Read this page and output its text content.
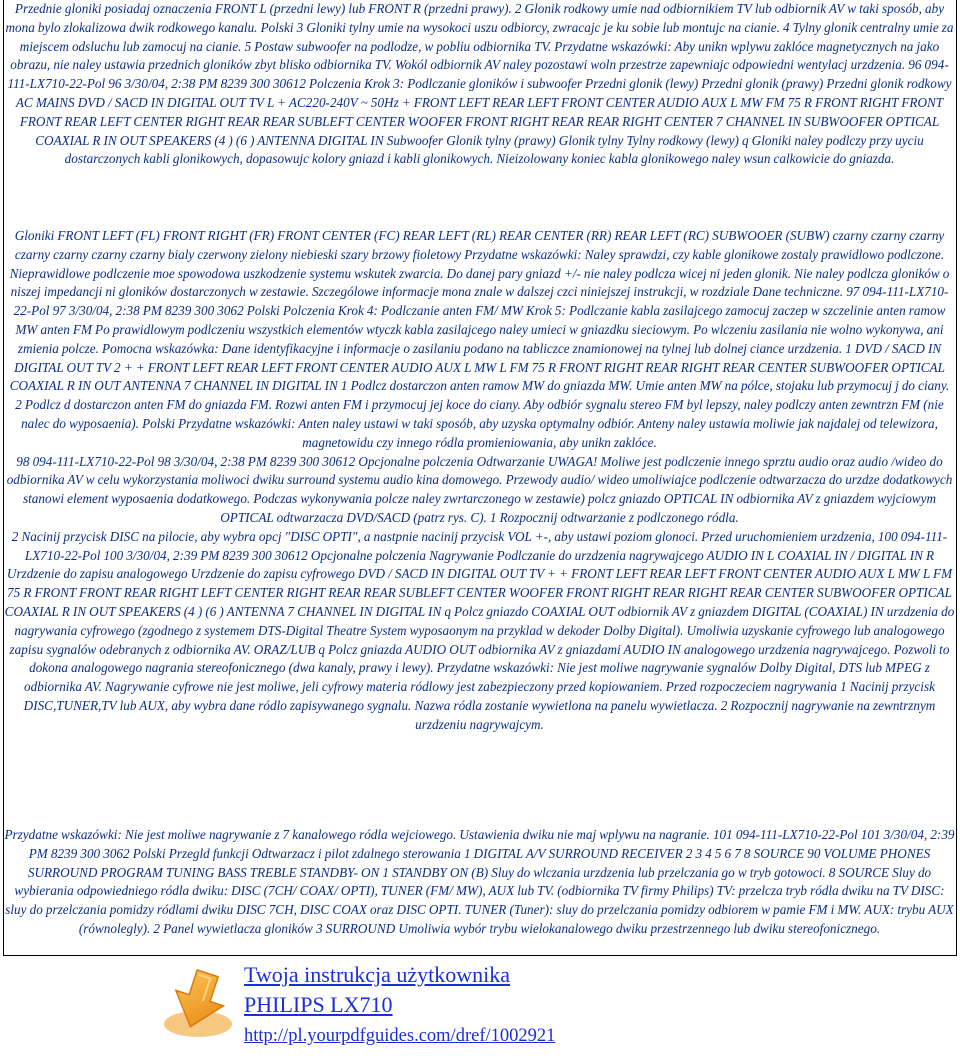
Przednie gloniki posiadaj oznaczenia FRONT L (przedni lewy) lub FRONT R (przedni prawy). 2 Glonik rodkowy umie nad odbiornikiem TV lub odbiornik AV w taki sposób, aby mona bylo zlokalizowa dwik rodkowego kanalu. Polski 3 Gloniki tylny umie na wysokoci uszu odbiorcy, zwracajc je ku sobie lub montujc na cianie. 4 Tylny glonik centralny umie za miejscem odsluchu lub zamocuj na cianie. 5 Postaw subwoofer na podlodze, w pobliu odbiornika TV. Przydatne wskazówki: Aby unikn wplywu zaklóce magnetycznych na jako obrazu, nie naley ustawia przednich gloników zbyt blisko odbiornika TV. Wokól odbiornik AV naley pozostawi woln przestrze zapewniajc odpowiedni wentylacj urzdzenia. 96 094-111-LX710-22-Pol 96 3/30/04, 2:38 PM 8239 300 30612 Polczenia Krok 3: Podlczanie gloników i subwoofer Przedni glonik (lewy) Przedni glonik (prawy) Przedni glonik rodkowy AC MAINS DVD / SACD IN DIGITAL OUT TV L + AC220-240V ~ 50Hz + FRONT LEFT REAR LEFT FRONT CENTER AUDIO AUX L MW FM 75 R FRONT RIGHT FRONT FRONT REAR LEFT CENTER RIGHT REAR REAR SUBLEFT CENTER WOOFER FRONT RIGHT REAR REAR RIGHT CENTER 7 CHANNEL IN SUBWOOFER OPTICAL COAXIAL R IN OUT SPEAKERS (4 ) (6 ) ANTENNA DIGITAL IN Subwoofer Glonik tylny (prawy) Glonik tylny Tylny rodkowy (lewy) q Gloniki naley podlczy przy uyciu dostarczonych kabli glonikowych, dopasowujc kolory gniazd i kabli glonikowych. Nieizolowany koniec kabla glonikowego naley wsun calkowicie do gniazda.
Gloniki FRONT LEFT (FL) FRONT RIGHT (FR) FRONT CENTER (FC) REAR LEFT (RL) REAR CENTER (RR) REAR LEFT (RC) SUBWOOER (SUBW) czarny czarny czarny czarny czarny czarny czarny bialy czerwony zielony niebieski szary brzowy fioletowy Przydatne wskazówki: Naley sprawdzi, czy kable glonikowe zostaly prawidlowo podlczone. Nieprawidlowe podlczenie moe spowodowa uszkodzenie systemu wskutek zwarcia. Do danej pary gniazd +/- nie naley podlcza wicej ni jeden glonik. Nie naley podlcza gloników o niszej impedancji ni gloników dostarczonych w zestawie. Szczególowe informacje mona znale w dalszej czci niniejszej instrukcji, w rozdziale Dane techniczne. 97 094-111-LX710-22-Pol 97 3/30/04, 2:38 PM 8239 300 3062 Polski Polczenia Krok 4: Podlczanie anten FM/ MW Krok 5: Podlczanie kabla zasilajcego zamocuj zaczep w szczelinie anten ramow MW anten FM Po prawidlowym podlczeniu wszystkich elementów wtyczk kabla zasilajcego naley umieci w gniazdku sieciowym. Po wlczeniu zasilania nie wolno wykonywa, ani zmienia polcze. Pomocna wskazówka: Dane identyfikacyjne i informacje o zasilaniu podano na tabliczce znamionowej na tylnej lub dolnej ciance urzdzenia. 1 DVD / SACD IN DIGITAL OUT TV 2 + + FRONT LEFT REAR LEFT FRONT CENTER AUDIO AUX L MW L FM 75 R FRONT RIGHT REAR RIGHT REAR CENTER SUBWOOFER OPTICAL COAXIAL R IN OUT ANTENNA 7 CHANNEL IN DIGITAL IN 1 Podlcz dostarczon anten ramow MW do gniazda MW. Umie anten MW na pólce, stojaku lub przymocuj j do ciany.
2 Podlcz d dostarczon anten FM do gniazda FM. Rozwi anten FM i przymocuj jej koce do ciany. Aby odbiór sygnalu stereo FM byl lepszy, naley podlczy anten zewntrzn FM (nie nalec do wyposaenia). Polski Przydatne wskazówki: Anten naley ustawi w taki sposób, aby uzyska optymalny odbiór. Anteny naley ustawia moliwie jak najdalej od telewizora, magnetowidu czy innego ródla promieniowania, aby unikn zaklóce.
98 094-111-LX710-22-Pol 98 3/30/04, 2:38 PM 8239 300 30612 Opcjonalne polczenia Odtwarzanie UWAGA! Moliwe jest podlczenie innego sprztu audio oraz audio /wideo do odbiornika AV w celu wykorzystania moliwoci dwiku surround systemu audio kina domowego. Przewody audio/ wideo umoliwiajce podlczenie odtwarzacza do urzdze dodatkowych stanowi element wyposaenia dodatkowego. Podczas wykonywania polcze naley zwrtarczonego w zestawie) polcz gniazdo OPTICAL IN odbiornika AV z gniazdem wyjciowym OPTICAL odtwarzacza DVD/SACD (patrz rys. C). 1 Rozpocznij odtwarzanie z podlczonego ródla.
2 Nacinij przycisk DISC na pilocie, aby wybra opcj "DISC OPTI", a nastpnie nacinij przycisk VOL +-, aby ustawi poziom glonoci. Przed uruchomieniem urzdzenia, 100 094-111-LX710-22-Pol 100 3/30/04, 2:39 PM 8239 300 30612 Opcjonalne polczenia Nagrywanie Podlczanie do urzdzenia nagrywajcego AUDIO IN L COAXIAL IN / DIGITAL IN R Urzdzenie do zapisu analogowego Urzdzenie do zapisu cyfrowego DVD / SACD IN DIGITAL OUT TV + + FRONT LEFT REAR LEFT FRONT CENTER AUDIO AUX L MW L FM 75 R FRONT FRONT REAR RIGHT LEFT CENTER RIGHT REAR REAR SUBLEFT CENTER WOOFER FRONT RIGHT REAR RIGHT REAR CENTER SUBWOOFER OPTICAL COAXIAL R IN OUT SPEAKERS (4 ) (6 ) ANTENNA 7 CHANNEL IN DIGITAL IN q Polcz gniazdo COAXIAL OUT odbiornik AV z gniazdem DIGITAL (COAXIAL) IN urzdzenia do nagrywania cyfrowego (zgodnego z systemem DTS-Digital Theatre System wyposaonym na przyklad w dekoder Dolby Digital). Umoliwia uzyskanie cyfrowego lub analogowego zapisu sygnalów odebranych z odbiornika AV. ORAZ/LUB q Polcz gniazda AUDIO OUT odbiornika AV z gniazdami AUDIO IN analogowego urzdzenia nagrywajcego. Pozwoli to dokona analogowego nagrania stereofonicznego (dwa kanaly, prawy i lewy). Przydatne wskazówki: Nie jest moliwe nagrywanie sygnalów Dolby Digital, DTS lub MPEG z odbiornika AV. Nagrywanie cyfrowe nie jest moliwe, jeli cyfrowy materia ródlowy jest zabezpieczony przed kopiowaniem. Przed rozpoczeciem nagrywania 1 Nacinij przycisk DISC,TUNER,TV lub AUX, aby wybra dane ródlo zapisywanego sygnalu. Nazwa ródla zostanie wywietlona na panelu wywietlacza. 2 Rozpocznij nagrywanie na zewntrznym urzdzeniu nagrywajcym.
Przydatne wskazówki: Nie jest moliwe nagrywanie z 7 kanalowego ródla wejciowego. Ustawienia dwiku nie maj wplywu na nagranie. 101 094-111-LX710-22-Pol 101 3/30/04, 2:39 PM 8239 300 3062 Polski Przegld funkcji Odtwarzacz i pilot zdalnego sterowania 1 DIGITAL A/V SURROUND RECEIVER 2 3 4 5 6 7 8 SOURCE 90 VOLUME PHONES SURROUND PROGRAM TUNING BASS TREBLE STANDBY- ON 1 STANDBY ON (B) Sluy do wlczania urzdzenia lub przelczania go w tryb gotowoci. 8 SOURCE Sluy do wybierania odpowiedniego ródla dwiku: DISC (7CH/ COAX/ OPTI), TUNER (FM/ MW), AUX lub TV. (odbiornika TV firmy Philips) TV: przelcza tryb ródla dwiku na TV DISC: sluy do przelczania pomidzy ródlami dwiku DISC 7CH, DISC COAX oraz DISC OPTI. TUNER (Tuner): sluy do przelczania pomidzy odbiorem w pamie FM i MW. AUX: trybu AUX (równolegly). 2 Panel wywietlacza gloników 3 SURROUND Umoliwia wybór trybu wielokanalowego dwiku przestrzennego lub dwiku stereofonicznego.
Twoja instrukcja użytkownika
PHILIPS LX710
http://pl.yourpdfguides.com/dref/1002921
